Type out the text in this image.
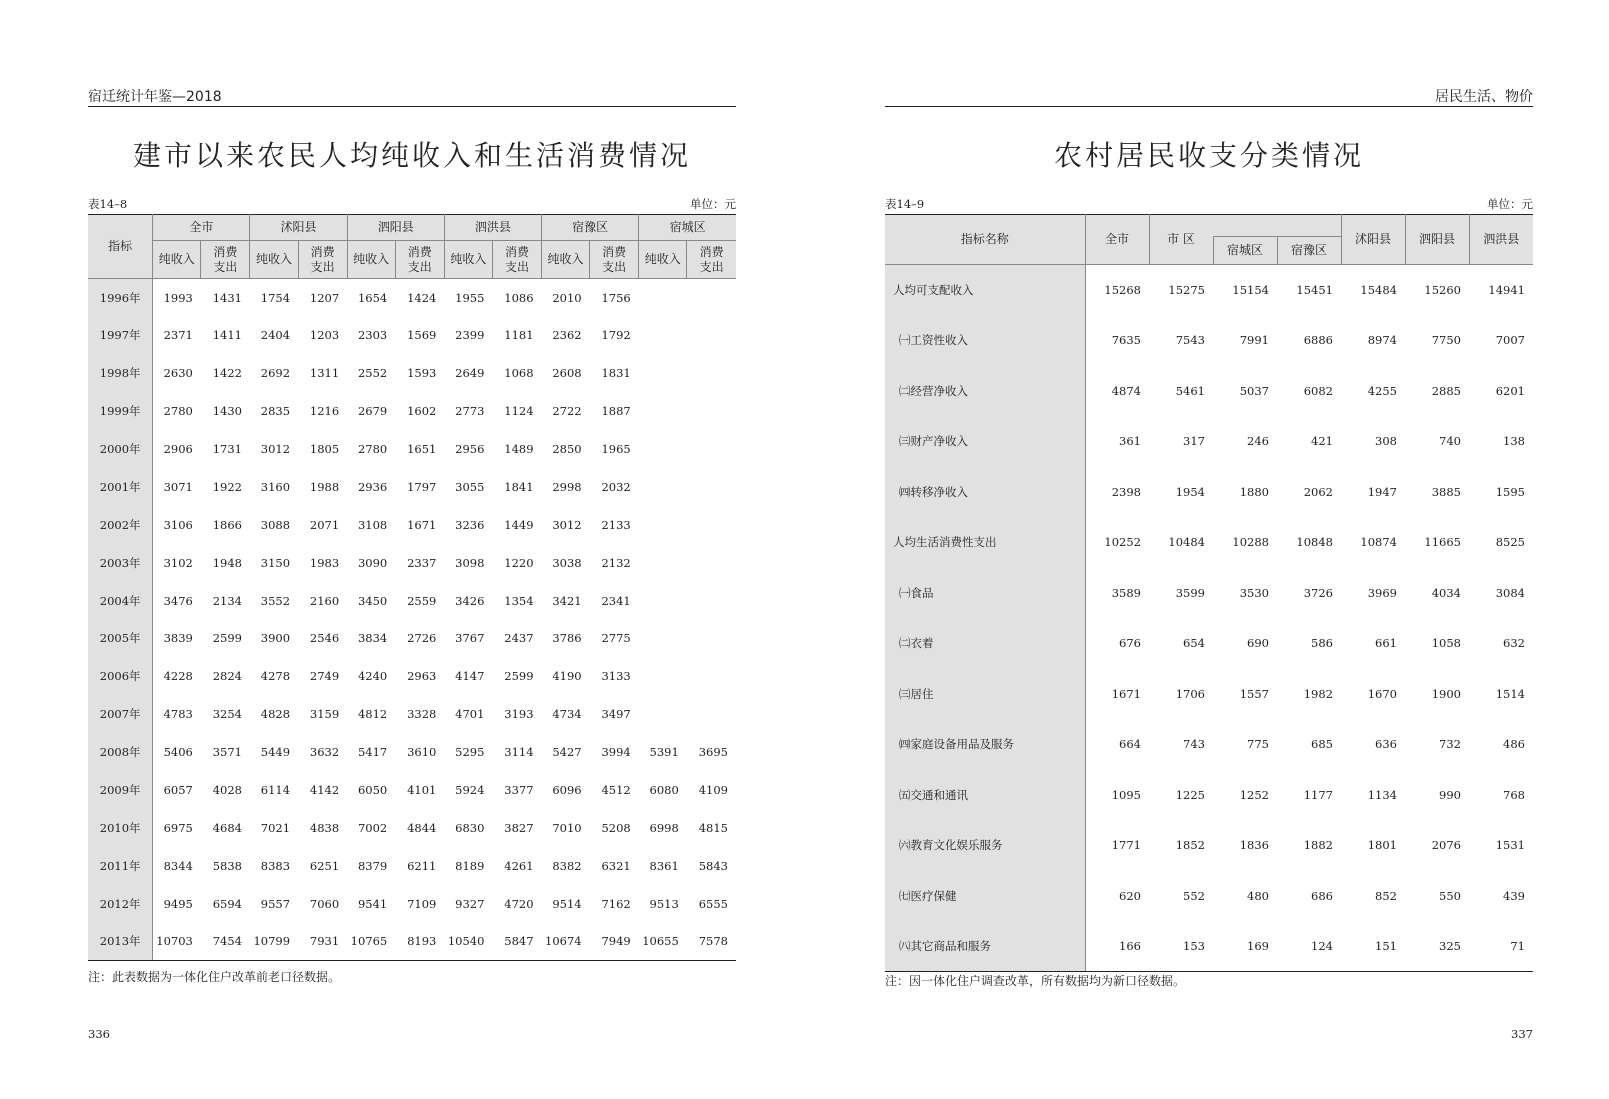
宿迁统计年鉴—2018
建市以来农民人均纯收入和生活消费情况
表14–8	单位：元
指标	全市		沭阳县		泗阳县		泗洪县		宿豫区		宿城区	
	纯收入	消费支出	纯收入	消费支出	纯收入	消费支出	纯收入	消费支出	纯收入	消费支出	纯收入	消费支出
1996年	1993	1431	1754	1207	1654	1424	1955	1086	2010	1756		
1997年	2371	1411	2404	1203	2303	1569	2399	1181	2362	1792		
1998年	2630	1422	2692	1311	2552	1593	2649	1068	2608	1831		
1999年	2780	1430	2835	1216	2679	1602	2773	1124	2722	1887		
2000年	2906	1731	3012	1805	2780	1651	2956	1489	2850	1965		
2001年	3071	1922	3160	1988	2936	1797	3055	1841	2998	2032		
2002年	3106	1866	3088	2071	3108	1671	3236	1449	3012	2133		
2003年	3102	1948	3150	1983	3090	2337	3098	1220	3038	2132		
2004年	3476	2134	3552	2160	3450	2559	3426	1354	3421	2341		
2005年	3839	2599	3900	2546	3834	2726	3767	2437	3786	2775		
2006年	4228	2824	4278	2749	4240	2963	4147	2599	4190	3133		
2007年	4783	3254	4828	3159	4812	3328	4701	3193	4734	3497		
2008年	5406	3571	5449	3632	5417	3610	5295	3114	5427	3994	5391	3695
2009年	6057	4028	6114	4142	6050	4101	5924	3377	6096	4512	6080	4109
2010年	6975	4684	7021	4838	7002	4844	6830	3827	7010	5208	6998	4815
2011年	8344	5838	8383	6251	8379	6211	8189	4261	8382	6321	8361	5843
2012年	9495	6594	9557	7060	9541	7109	9327	4720	9514	7162	9513	6555
2013年	10703	7454	10799	7931	10765	8193	10540	5847	10674	7949	10655	7578
注：此表数据为一体化住户改革前老口径数据。
336
居民生活、物价
农村居民收支分类情况
表14–9	单位：元
指标名称	全市	市 区			沭阳县	泗阳县	泗洪县
			宿城区	宿豫区			
人均可支配收入	15268	15275	15154	15451	15484	15260	14941
㈠工资性收入	7635	7543	7991	6886	8974	7750	7007
㈡经营净收入	4874	5461	5037	6082	4255	2885	6201
㈢财产净收入	361	317	246	421	308	740	138
㈣转移净收入	2398	1954	1880	2062	1947	3885	1595
人均生活消费性支出	10252	10484	10288	10848	10874	11665	8525
㈠食品	3589	3599	3530	3726	3969	4034	3084
㈡衣着	676	654	690	586	661	1058	632
㈢居住	1671	1706	1557	1982	1670	1900	1514
㈣家庭设备用品及服务	664	743	775	685	636	732	486
㈤交通和通讯	1095	1225	1252	1177	1134	990	768
㈥教育文化娱乐服务	1771	1852	1836	1882	1801	2076	1531
㈦医疗保健	620	552	480	686	852	550	439
㈧其它商品和服务	166	153	169	124	151	325	71
注：因一体化住户调查改革，所有数据均为新口径数据。
337
